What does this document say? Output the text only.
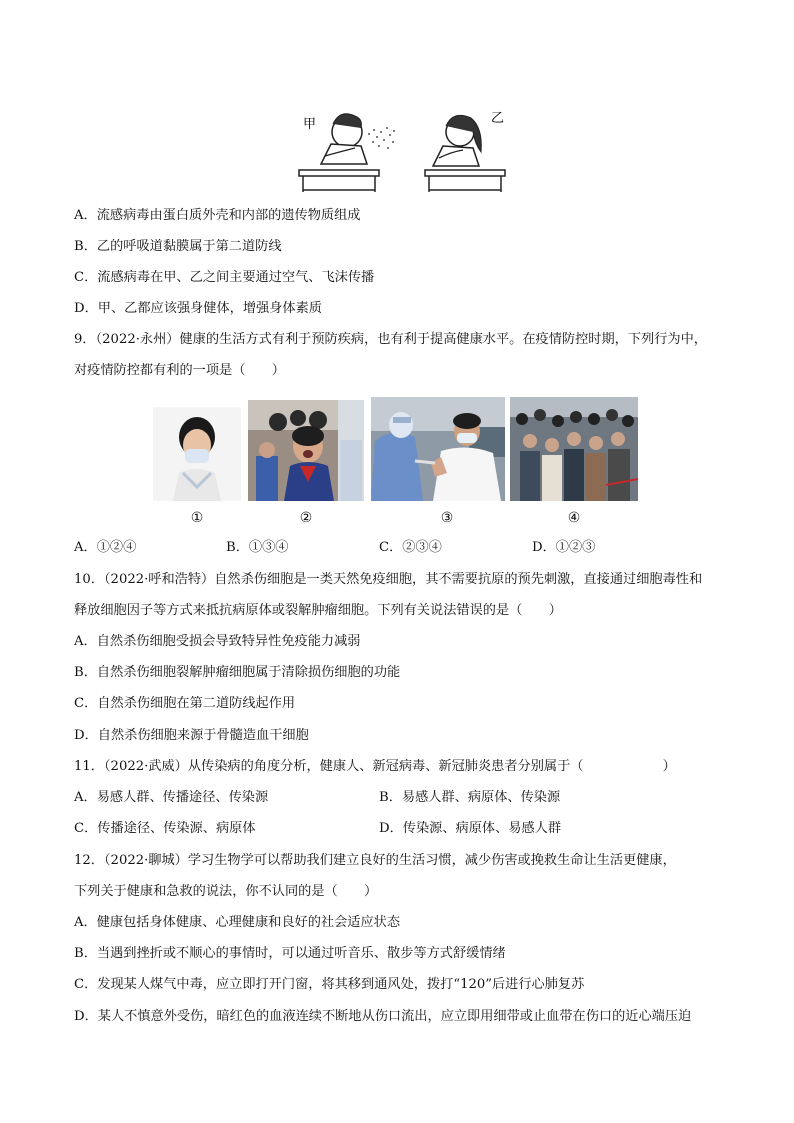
甲	乙
A．流感病毒由蛋白质外壳和内部的遗传物质组成
B．乙的呼吸道黏膜属于第二道防线
C．流感病毒在甲、乙之间主要通过空气、飞沫传播
D．甲、乙都应该强身健体，增强身体素质
9．（2022·永州）健康的生活方式有利于预防疾病，也有利于提高健康水平。在疫情防控时期，下列行为中，
对疫情防控都有利的一项是（　　）
①	②	③	④
A．①②④	B．①③④	C．②③④	D．①②③
10．（2022·呼和浩特）自然杀伤细胞是一类天然免疫细胞，其不需要抗原的预先刺激，直接通过细胞毒性和
释放细胞因子等方式来抵抗病原体或裂解肿瘤细胞。下列有关说法错误的是（　　）
A．自然杀伤细胞受损会导致特异性免疫能力减弱
B．自然杀伤细胞裂解肿瘤细胞属于清除损伤细胞的功能
C．自然杀伤细胞在第二道防线起作用
D．自然杀伤细胞来源于骨髓造血干细胞
11．（2022·武威）从传染病的角度分析，健康人、新冠病毒、新冠肺炎患者分别属于（　　　　　　）
A．易感人群、传播途径、传染源	B．易感人群、病原体、传染源
C．传播途径、传染源、病原体	D．传染源、病原体、易感人群
12．（2022·聊城）学习生物学可以帮助我们建立良好的生活习惯，减少伤害或挽救生命让生活更健康，
下列关于健康和急救的说法，你不认同的是（　　）
A．健康包括身体健康、心理健康和良好的社会适应状态
B．当遇到挫折或不顺心的事情时，可以通过听音乐、散步等方式舒缓情绪
C．发现某人煤气中毒，应立即打开门窗，将其移到通风处，拨打“120”后进行心肺复苏
D．某人不慎意外受伤，暗红色的血液连续不断地从伤口流出，应立即用细带或止血带在伤口的近心端压迫
